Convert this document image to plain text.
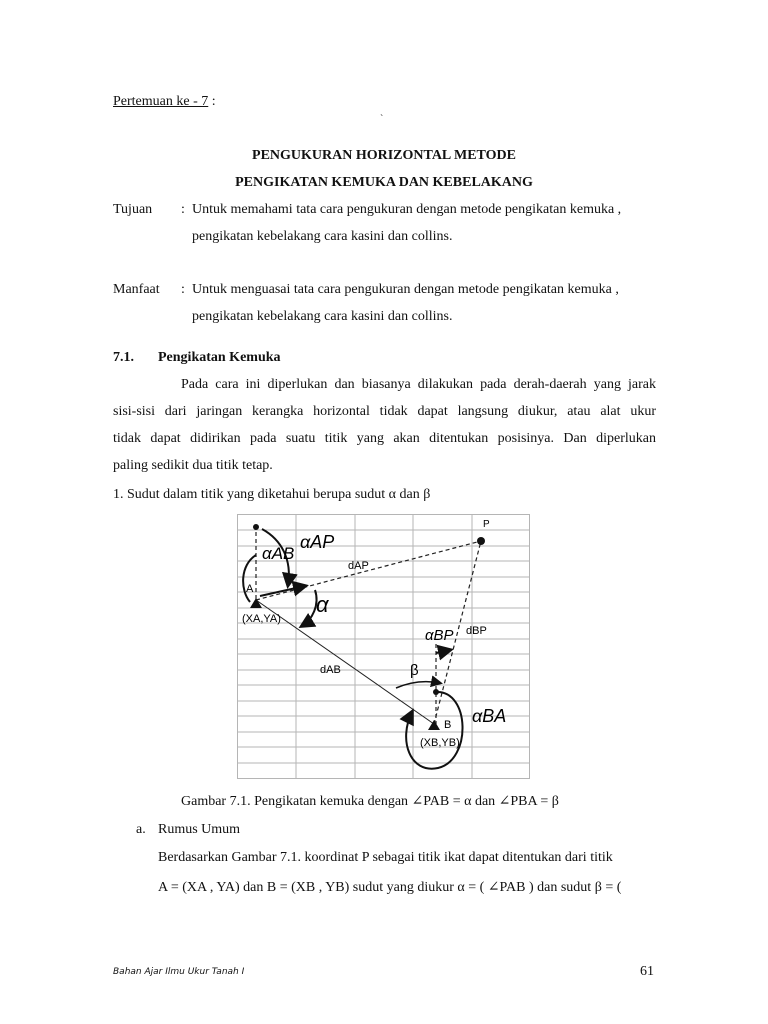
Pertemuan ke - 7 :
`
PENGUKURAN HORIZONTAL METODE
PENGIKATAN KEMUKA DAN KEBELAKANG
Tujuan : Untuk memahami tata cara pengukuran dengan metode pengikatan kemuka ,
pengikatan kebelakang cara kasini dan collins.
Manfaat : Untuk menguasai tata cara pengukuran dengan metode pengikatan kemuka ,
pengikatan kebelakang cara kasini dan collins.
7.1. Pengikatan Kemuka
Pada cara ini diperlukan dan biasanya dilakukan pada derah-daerah yang jarak
sisi-sisi dari jaringan kerangka horizontal tidak dapat langsung diukur, atau alat ukur
tidak dapat didirikan pada suatu titik yang akan ditentukan posisinya. Dan diperlukan
paling sedikit dua titik tetap.
1. Sudut dalam titik yang diketahui berupa sudut α dan β
P
A
B
(XA,YA)
(XB,YB)
dAP
dAB
dBP
αAP
αAB
α
αBP
β
αBA
Gambar 7.1. Pengikatan kemuka dengan ∠PAB = α dan ∠PBA = β
a. Rumus Umum
Berdasarkan Gambar 7.1. koordinat P sebagai titik ikat dapat ditentukan dari titik
A = (XA , YA) dan B = (XB , YB) sudut yang diukur α = ( ∠PAB ) dan sudut β = (
Bahan Ajar Ilmu Ukur Tanah I	61
